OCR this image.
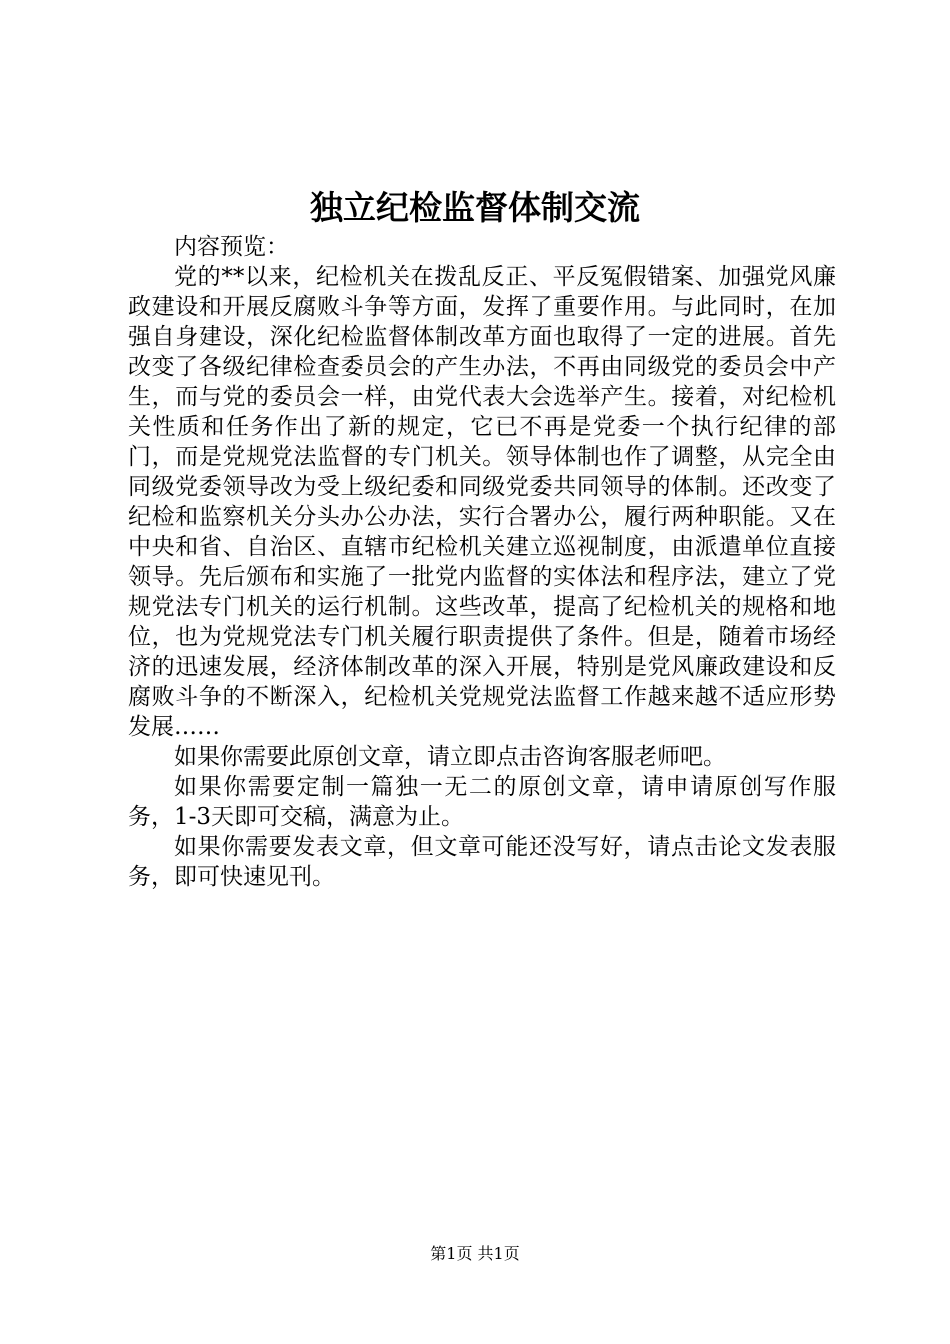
独立纪检监督体制交流

内容预览：

党的**以来，纪检机关在拨乱反正、平反冤假错案、加强党风廉政建设和开展反腐败斗争等方面，发挥了重要作用。与此同时，在加强自身建设，深化纪检监督体制改革方面也取得了一定的进展。首先改变了各级纪律检查委员会的产生办法，不再由同级党的委员会中产生，而与党的委员会一样，由党代表大会选举产生。接着，对纪检机关性质和任务作出了新的规定，它已不再是党委一个执行纪律的部门，而是党规党法监督的专门机关。领导体制也作了调整，从完全由同级党委领导改为受上级纪委和同级党委共同领导的体制。还改变了纪检和监察机关分头办公办法，实行合署办公，履行两种职能。又在中央和省、自治区、直辖市纪检机关建立巡视制度，由派遣单位直接领导。先后颁布和实施了一批党内监督的实体法和程序法，建立了党规党法专门机关的运行机制。这些改革，提高了纪检机关的规格和地位，也为党规党法专门机关履行职责提供了条件。但是，随着市场经济的迅速发展，经济体制改革的深入开展，特别是党风廉政建设和反腐败斗争的不断深入，纪检机关党规党法监督工作越来越不适应形势发展……

如果你需要此原创文章，请立即点击咨询客服老师吧。

如果你需要定制一篇独一无二的原创文章，请申请原创写作服务，1-3天即可交稿，满意为止。

如果你需要发表文章，但文章可能还没写好，请点击论文发表服务，即可快速见刊。

第1页 共1页
